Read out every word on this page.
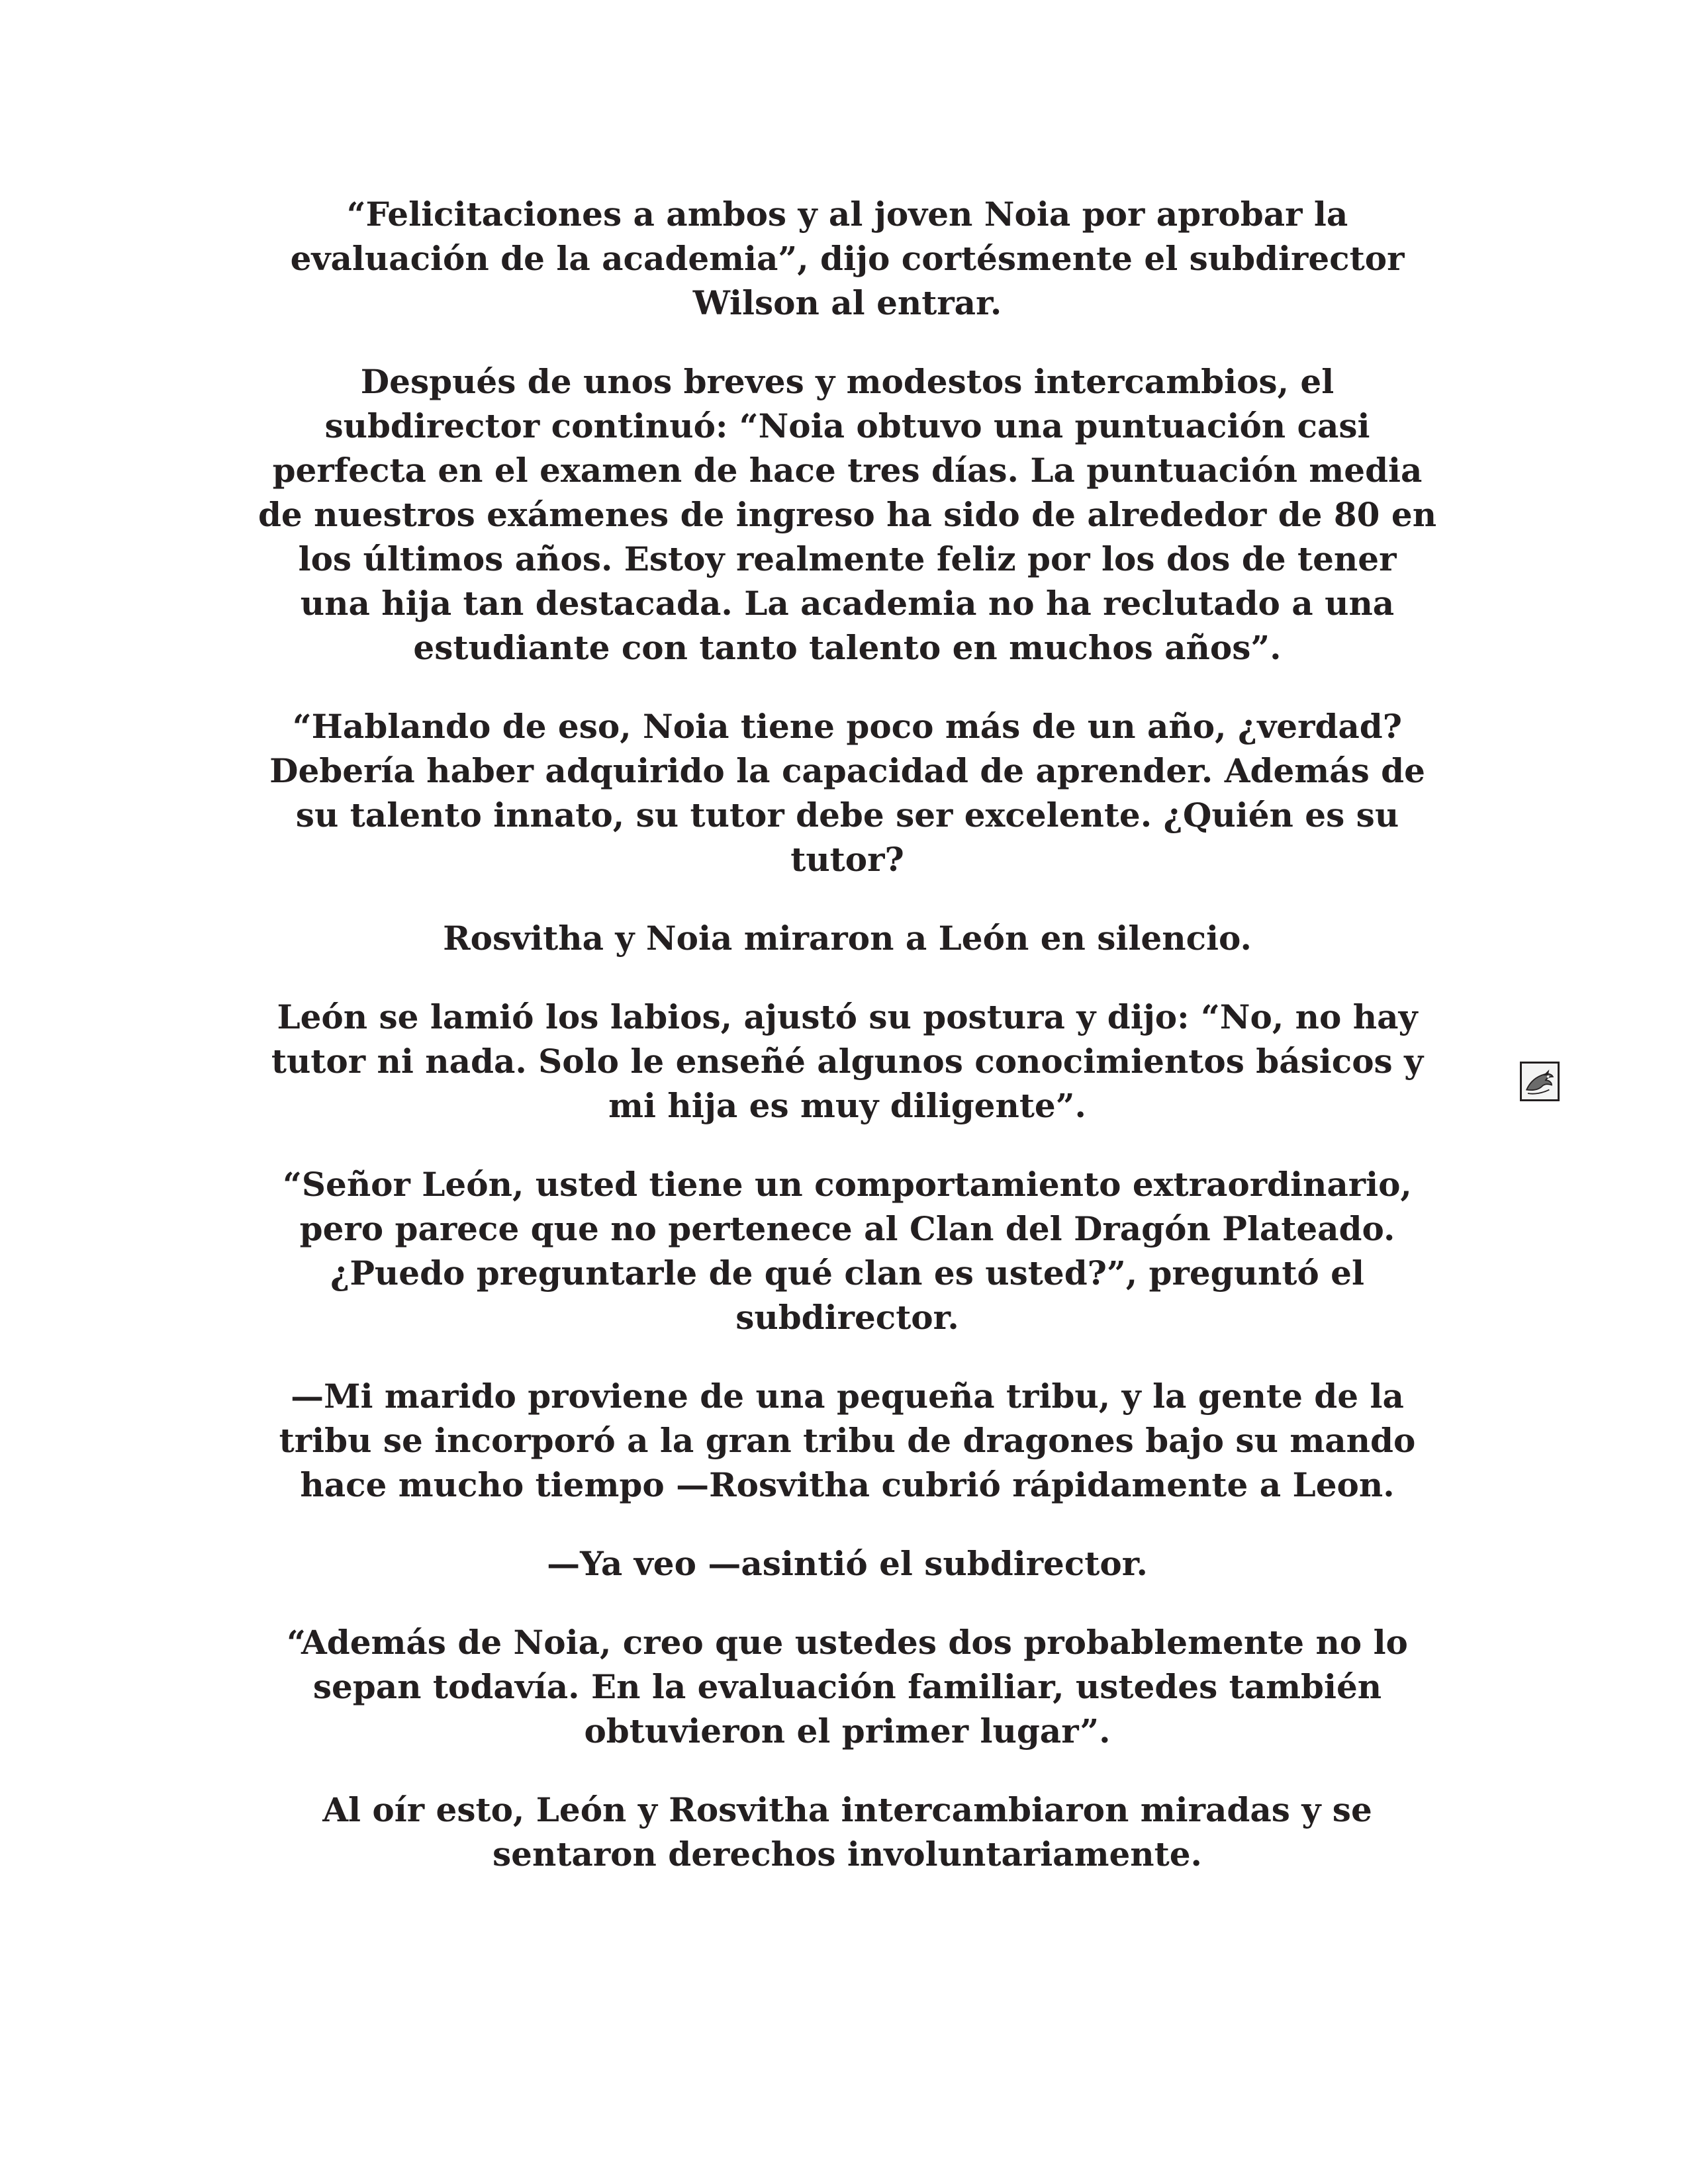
“Felicitaciones a ambos y al joven Noia por aprobar la
evaluación de la academia”, dijo cortésmente el subdirector
Wilson al entrar.

Después de unos breves y modestos intercambios, el
subdirector continuó: “Noia obtuvo una puntuación casi
perfecta en el examen de hace tres días. La puntuación media
de nuestros exámenes de ingreso ha sido de alrededor de 80 en
los últimos años. Estoy realmente feliz por los dos de tener
una hija tan destacada. La academia no ha reclutado a una
estudiante con tanto talento en muchos años”.

“Hablando de eso, Noia tiene poco más de un año, ¿verdad?
Debería haber adquirido la capacidad de aprender. Además de
su talento innato, su tutor debe ser excelente. ¿Quién es su
tutor?

Rosvitha y Noia miraron a León en silencio.

León se lamió los labios, ajustó su postura y dijo: “No, no hay
tutor ni nada. Solo le enseñé algunos conocimientos básicos y
mi hija es muy diligente”.

“Señor León, usted tiene un comportamiento extraordinario,
pero parece que no pertenece al Clan del Dragón Plateado.
¿Puedo preguntarle de qué clan es usted?”, preguntó el
subdirector.

—Mi marido proviene de una pequeña tribu, y la gente de la
tribu se incorporó a la gran tribu de dragones bajo su mando
hace mucho tiempo —Rosvitha cubrió rápidamente a Leon.

—Ya veo —asintió el subdirector.

“Además de Noia, creo que ustedes dos probablemente no lo
sepan todavía. En la evaluación familiar, ustedes también
obtuvieron el primer lugar”.

Al oír esto, León y Rosvitha intercambiaron miradas y se
sentaron derechos involuntariamente.
